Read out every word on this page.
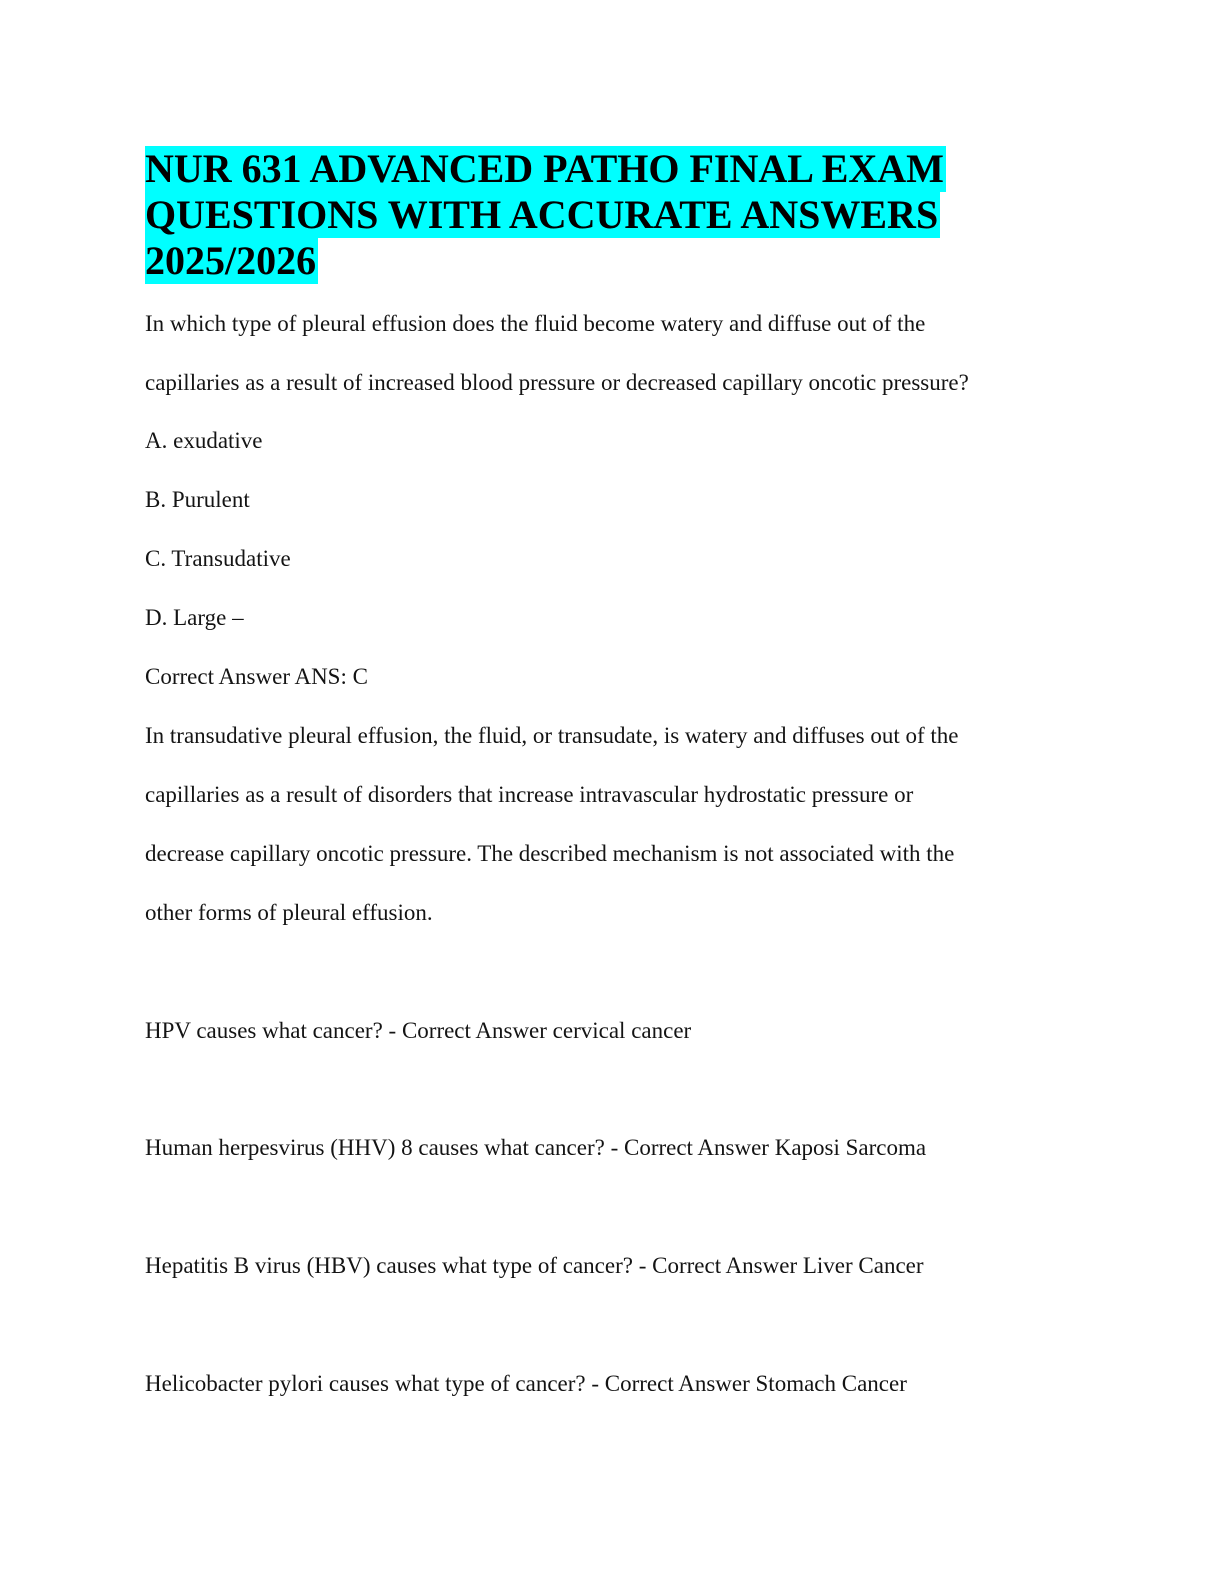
NUR 631 ADVANCED PATHO FINAL EXAM
QUESTIONS WITH ACCURATE ANSWERS
2025/2026
In which type of pleural effusion does the fluid become watery and diffuse out of the
capillaries as a result of increased blood pressure or decreased capillary oncotic pressure?
A. exudative
B. Purulent
C. Transudative
D. Large –
Correct Answer ANS: C
In transudative pleural effusion, the fluid, or transudate, is watery and diffuses out of the
capillaries as a result of disorders that increase intravascular hydrostatic pressure or
decrease capillary oncotic pressure. The described mechanism is not associated with the
other forms of pleural effusion.
HPV causes what cancer? - Correct Answer cervical cancer
Human herpesvirus (HHV) 8 causes what cancer? - Correct Answer Kaposi Sarcoma
Hepatitis B virus (HBV) causes what type of cancer? - Correct Answer Liver Cancer
Helicobacter pylori causes what type of cancer? - Correct Answer Stomach Cancer
